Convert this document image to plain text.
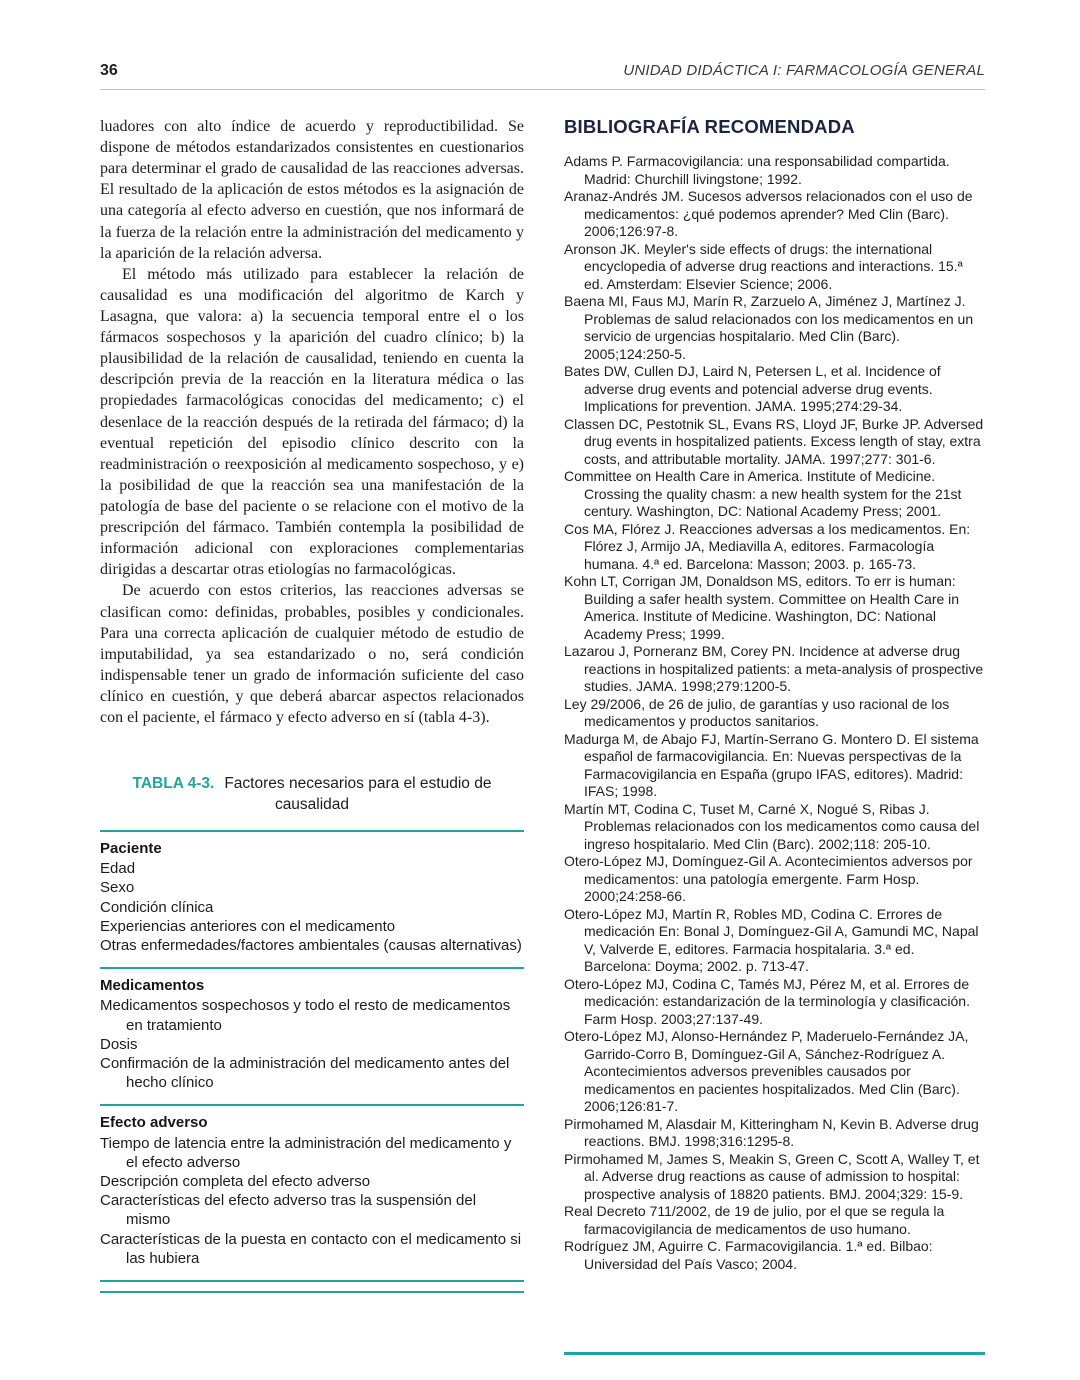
36	UNIDAD DIDÁCTICA I: FARMACOLOGÍA GENERAL

luadores con alto índice de acuerdo y reproductibilidad. Se dispone de métodos estandarizados consistentes en cuestionarios para determinar el grado de causalidad de las reacciones adversas. El resultado de la aplicación de estos métodos es la asignación de una categoría al efecto adverso en cuestión, que nos informará de la fuerza de la relación entre la administración del medicamento y la aparición de la relación adversa.

El método más utilizado para establecer la relación de causalidad es una modificación del algoritmo de Karch y Lasagna, que valora: a) la secuencia temporal entre el o los fármacos sospechosos y la aparición del cuadro clínico; b) la plausibilidad de la relación de causalidad, teniendo en cuenta la descripción previa de la reacción en la literatura médica o las propiedades farmacológicas conocidas del medicamento; c) el desenlace de la reacción después de la retirada del fármaco; d) la eventual repetición del episodio clínico descrito con la readministración o reexposición al medicamento sospechoso, y e) la posibilidad de que la reacción sea una manifestación de la patología de base del paciente o se relacione con el motivo de la prescripción del fármaco. También contempla la posibilidad de información adicional con exploraciones complementarias dirigidas a descartar otras etiologías no farmacológicas.

De acuerdo con estos criterios, las reacciones adversas se clasifican como: definidas, probables, posibles y condicionales. Para una correcta aplicación de cualquier método de estudio de imputabilidad, ya sea estandarizado o no, será condición indispensable tener un grado de información suficiente del caso clínico en cuestión, y que deberá abarcar aspectos relacionados con el paciente, el fármaco y efecto adverso en sí (tabla 4-3).

TABLA 4-3. Factores necesarios para el estudio de causalidad
Paciente
Edad
Sexo
Condición clínica
Experiencias anteriores con el medicamento
Otras enfermedades/factores ambientales (causas alternativas)
Medicamentos
Medicamentos sospechosos y todo el resto de medicamentos en tratamiento
Dosis
Confirmación de la administración del medicamento antes del hecho clínico
Efecto adverso
Tiempo de latencia entre la administración del medicamento y el efecto adverso
Descripción completa del efecto adverso
Características del efecto adverso tras la suspensión del mismo
Características de la puesta en contacto con el medicamento si las hubiera
BIBLIOGRAFÍA RECOMENDADA
Adams P. Farmacovigilancia: una responsabilidad compartida. Madrid: Churchill livingstone; 1992.
Aranaz-Andrés JM. Sucesos adversos relacionados con el uso de medicamentos: ¿qué podemos aprender? Med Clin (Barc). 2006;126:97-8.
Aronson JK. Meyler's side effects of drugs: the international encyclopedia of adverse drug reactions and interactions. 15.ª ed. Amsterdam: Elsevier Science; 2006.
Baena MI, Faus MJ, Marín R, Zarzuelo A, Jiménez J, Martínez J. Problemas de salud relacionados con los medicamentos en un servicio de urgencias hospitalario. Med Clin (Barc). 2005;124:250-5.
Bates DW, Cullen DJ, Laird N, Petersen L, et al. Incidence of adverse drug events and potencial adverse drug events. Implications for prevention. JAMA. 1995;274:29-34.
Classen DC, Pestotnik SL, Evans RS, Lloyd JF, Burke JP. Adversed drug events in hospitalized patients. Excess length of stay, extra costs, and attributable mortality. JAMA. 1997;277: 301-6.
Committee on Health Care in America. Institute of Medicine. Crossing the quality chasm: a new health system for the 21st century. Washington, DC: National Academy Press; 2001.
Cos MA, Flórez J. Reacciones adversas a los medicamentos. En: Flórez J, Armijo JA, Mediavilla A, editores. Farmacología humana. 4.ª ed. Barcelona: Masson; 2003. p. 165-73.
Kohn LT, Corrigan JM, Donaldson MS, editors. To err is human: Building a safer health system. Committee on Health Care in America. Institute of Medicine. Washington, DC: National Academy Press; 1999.
Lazarou J, Porneranz BM, Corey PN. Incidence at adverse drug reactions in hospitalized patients: a meta-analysis of prospective studies. JAMA. 1998;279:1200-5.
Ley 29/2006, de 26 de julio, de garantías y uso racional de los medicamentos y productos sanitarios.
Madurga M, de Abajo FJ, Martín-Serrano G. Montero D. El sistema español de farmacovigilancia. En: Nuevas perspectivas de la Farmacovigilancia en España (grupo IFAS, editores). Madrid: IFAS; 1998.
Martín MT, Codina C, Tuset M, Carné X, Nogué S, Ribas J. Problemas relacionados con los medicamentos como causa del ingreso hospitalario. Med Clin (Barc). 2002;118: 205-10.
Otero-López MJ, Domínguez-Gil A. Acontecimientos adversos por medicamentos: una patología emergente. Farm Hosp. 2000;24:258-66.
Otero-López MJ, Martín R, Robles MD, Codina C. Errores de medicación En: Bonal J, Domínguez-Gil A, Gamundi MC, Napal V, Valverde E, editores. Farmacia hospitalaria. 3.ª ed. Barcelona: Doyma; 2002. p. 713-47.
Otero-López MJ, Codina C, Tamés MJ, Pérez M, et al. Errores de medicación: estandarización de la terminología y clasificación. Farm Hosp. 2003;27:137-49.
Otero-López MJ, Alonso-Hernández P, Maderuelo-Fernández JA, Garrido-Corro B, Domínguez-Gil A, Sánchez-Rodríguez A. Acontecimientos adversos prevenibles causados por medicamentos en pacientes hospitalizados. Med Clin (Barc). 2006;126:81-7.
Pirmohamed M, Alasdair M, Kitteringham N, Kevin B. Adverse drug reactions. BMJ. 1998;316:1295-8.
Pirmohamed M, James S, Meakin S, Green C, Scott A, Walley T, et al. Adverse drug reactions as cause of admission to hospital: prospective analysis of 18820 patients. BMJ. 2004;329: 15-9.
Real Decreto 711/2002, de 19 de julio, por el que se regula la farmacovigilancia de medicamentos de uso humano.
Rodríguez JM, Aguirre C. Farmacovigilancia. 1.ª ed. Bilbao: Universidad del País Vasco; 2004.
